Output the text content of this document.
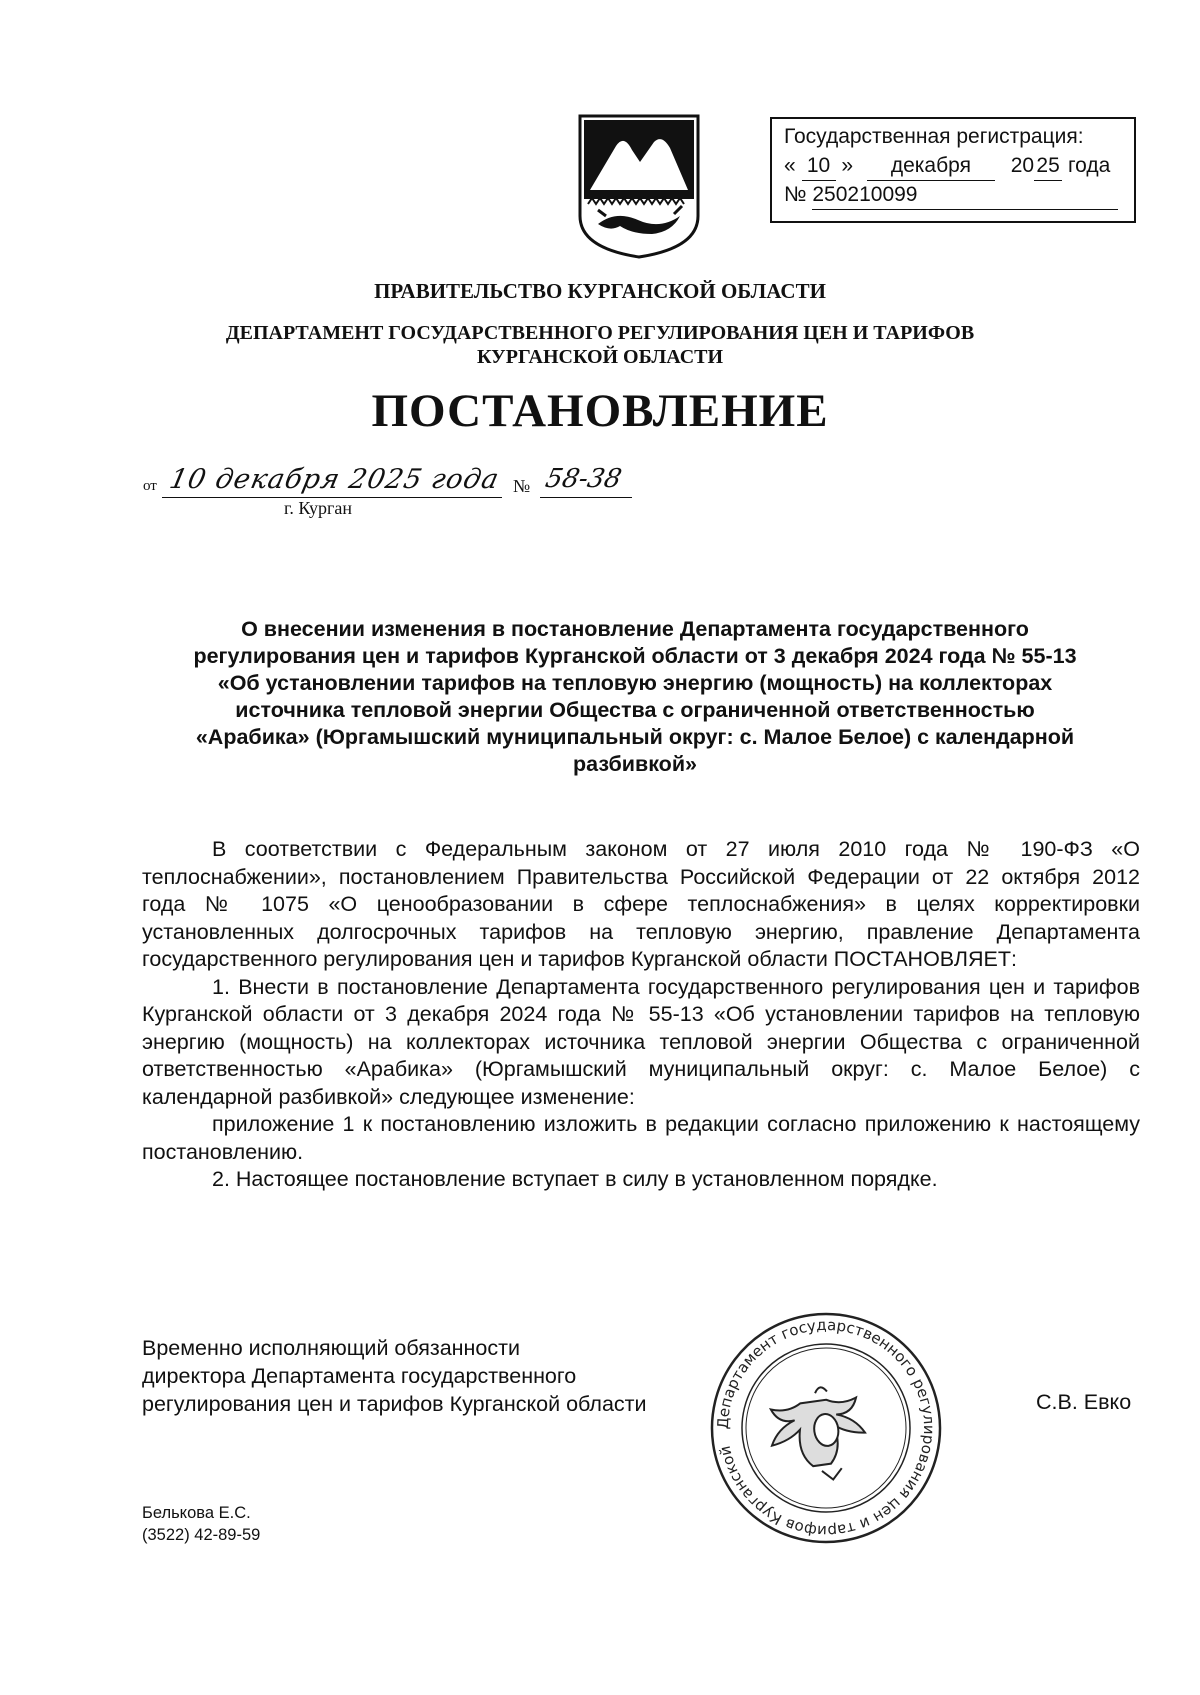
Государственная регистрация:
« 10 » декабря 20 25 года
№ 250210099
ПРАВИТЕЛЬСТВО КУРГАНСКОЙ ОБЛАСТИ
ДЕПАРТАМЕНТ ГОСУДАРСТВЕННОГО РЕГУЛИРОВАНИЯ ЦЕН И ТАРИФОВ
КУРГАНСКОЙ ОБЛАСТИ
ПОСТАНОВЛЕНИЕ
от 10 декабря 2025 года № 58-38
г. Курган
О внесении изменения в постановление Департамента государственного
регулирования цен и тарифов Курганской области от 3 декабря 2024 года № 55-13
«Об установлении тарифов на тепловую энергию (мощность) на коллекторах
источника тепловой энергии Общества с ограниченной ответственностью
«Арабика» (Юргамышский муниципальный округ: с. Малое Белое) с календарной
разбивкой»

В соответствии с Федеральным законом от 27 июля 2010 года № 190-ФЗ «О теплоснабжении», постановлением Правительства Российской Федерации от 22 октября 2012 года № 1075 «О ценообразовании в сфере теплоснабжения» в целях корректировки установленных долгосрочных тарифов на тепловую энергию, правление Департамента государственного регулирования цен и тарифов Курганской области ПОСТАНОВЛЯЕТ:

1. Внести в постановление Департамента государственного регулирования цен и тарифов Курганской области от 3 декабря 2024 года № 55-13 «Об установлении тарифов на тепловую энергию (мощность) на коллекторах источника тепловой энергии Общества с ограниченной ответственностью «Арабика» (Юргамышский муниципальный округ: с. Малое Белое) с календарной разбивкой» следующее изменение:

приложение 1 к постановлению изложить в редакции согласно приложению к настоящему постановлению.

2. Настоящее постановление вступает в силу в установленном порядке.

Департамент государственного регулирования цен и тарифов Курганской
Временно исполняющий обязанности
директора Департамента государственного
регулирования цен и тарифов Курганской области	С.В. Евко
Белькова Е.С.
(3522) 42-89-59
